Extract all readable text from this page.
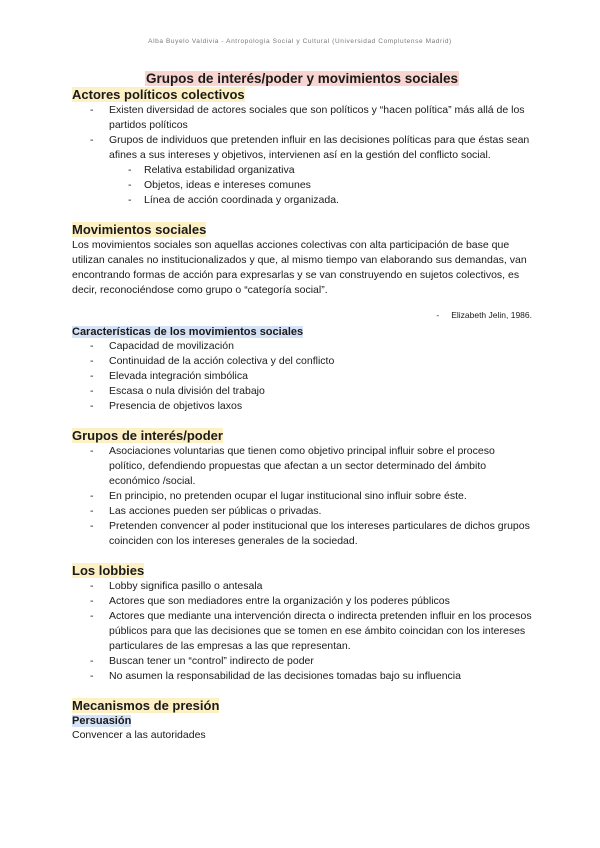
Alba Buyelo Valdivia - Antropología Social y Cultural (Universidad Complutense Madrid)

Grupos de interés/poder y movimientos sociales

Actores políticos colectivos
- Existen diversidad de actores sociales que son políticos y “hacen política” más allá de los partidos políticos
- Grupos de individuos que pretenden influir en las decisiones políticas para que éstas sean afines a sus intereses y objetivos, intervienen así en la gestión del conflicto social.
- Relativa estabilidad organizativa
- Objetos, ideas e intereses comunes
- Línea de acción coordinada y organizada.
Movimientos sociales

Los movimientos sociales son aquellas acciones colectivas con alta participación de base que utilizan canales no institucionalizados y que, al mismo tiempo van elaborando sus demandas, van encontrando formas de acción para expresarlas y se van construyendo en sujetos colectivos, es decir, reconociéndose como grupo o “categoría social”.

- Elizabeth Jelin, 1986.

Características de los movimientos sociales
- Capacidad de movilización
- Continuidad de la acción colectiva y del conflicto
- Elevada integración simbólica
- Escasa o nula división del trabajo
- Presencia de objetivos laxos
Grupos de interés/poder
- Asociaciones voluntarias que tienen como objetivo principal influir sobre el proceso político, defendiendo propuestas que afectan a un sector determinado del ámbito económico /social.
- En principio, no pretenden ocupar el lugar institucional sino influir sobre éste.
- Las acciones pueden ser públicas o privadas.
- Pretenden convencer al poder institucional que los intereses particulares de dichos grupos coinciden con los intereses generales de la sociedad.
Los lobbies
- Lobby significa pasillo o antesala
- Actores que son mediadores entre la organización y los poderes públicos
- Actores que mediante una intervención directa o indirecta pretenden influir en los procesos públicos para que las decisiones que se tomen en ese ámbito coincidan con los intereses particulares de las empresas a las que representan.
- Buscan tener un “control” indirecto de poder
- No asumen la responsabilidad de las decisiones tomadas bajo su influencia
Mecanismos de presión
Persuasión

Convencer a las autoridades
